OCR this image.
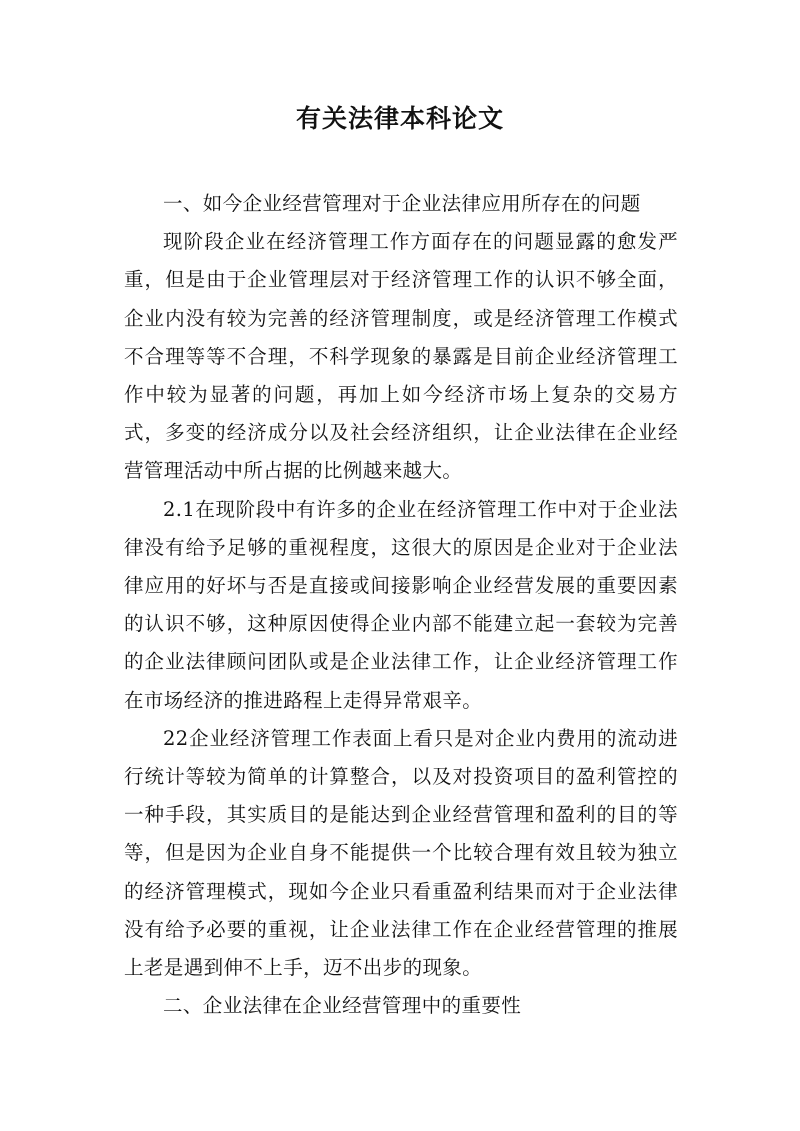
有关法律本科论文

一、如今企业经营管理对于企业法律应用所存在的问题

现阶段企业在经济管理工作方面存在的问题显露的愈发严重，但是由于企业管理层对于经济管理工作的认识不够全面，企业内没有较为完善的经济管理制度，或是经济管理工作模式不合理等等不合理，不科学现象的暴露是目前企业经济管理工作中较为显著的问题，再加上如今经济市场上复杂的交易方式，多变的经济成分以及社会经济组织，让企业法律在企业经营管理活动中所占据的比例越来越大。

2.1在现阶段中有许多的企业在经济管理工作中对于企业法律没有给予足够的重视程度，这很大的原因是企业对于企业法律应用的好坏与否是直接或间接影响企业经营发展的重要因素的认识不够，这种原因使得企业内部不能建立起一套较为完善的企业法律顾问团队或是企业法律工作，让企业经济管理工作在市场经济的推进路程上走得异常艰辛。

22企业经济管理工作表面上看只是对企业内费用的流动进行统计等较为简单的计算整合，以及对投资项目的盈利管控的一种手段，其实质目的是能达到企业经营管理和盈利的目的等等，但是因为企业自身不能提供一个比较合理有效且较为独立的经济管理模式，现如今企业只看重盈利结果而对于企业法律没有给予必要的重视，让企业法律工作在企业经营管理的推展上老是遇到伸不上手，迈不出步的现象。

二、企业法律在企业经营管理中的重要性
